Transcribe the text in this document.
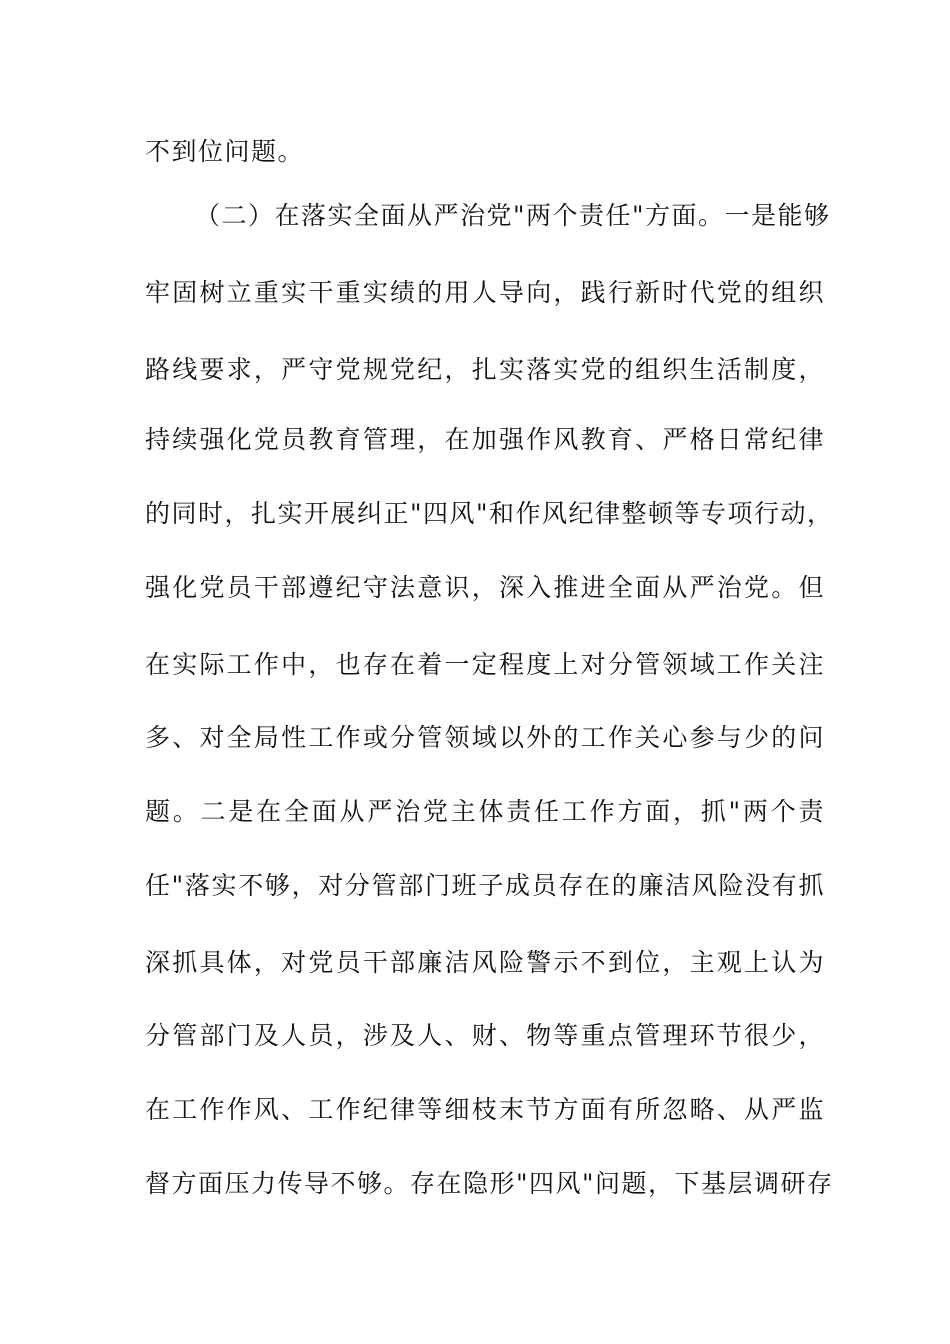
不到位问题。
（二）在落实全面从严治党"两个责任"方面。一是能够
牢固树立重实干重实绩的用人导向，践行新时代党的组织
路线要求，严守党规党纪，扎实落实党的组织生活制度，
持续强化党员教育管理，在加强作风教育、严格日常纪律
的同时，扎实开展纠正"四风"和作风纪律整顿等专项行动，
强化党员干部遵纪守法意识，深入推进全面从严治党。但
在实际工作中，也存在着一定程度上对分管领域工作关注
多、对全局性工作或分管领域以外的工作关心参与少的问
题。二是在全面从严治党主体责任工作方面，抓"两个责
任"落实不够，对分管部门班子成员存在的廉洁风险没有抓
深抓具体，对党员干部廉洁风险警示不到位，主观上认为
分管部门及人员，涉及人、财、物等重点管理环节很少，
在工作作风、工作纪律等细枝末节方面有所忽略、从严监
督方面压力传导不够。存在隐形"四风"问题，下基层调研存
